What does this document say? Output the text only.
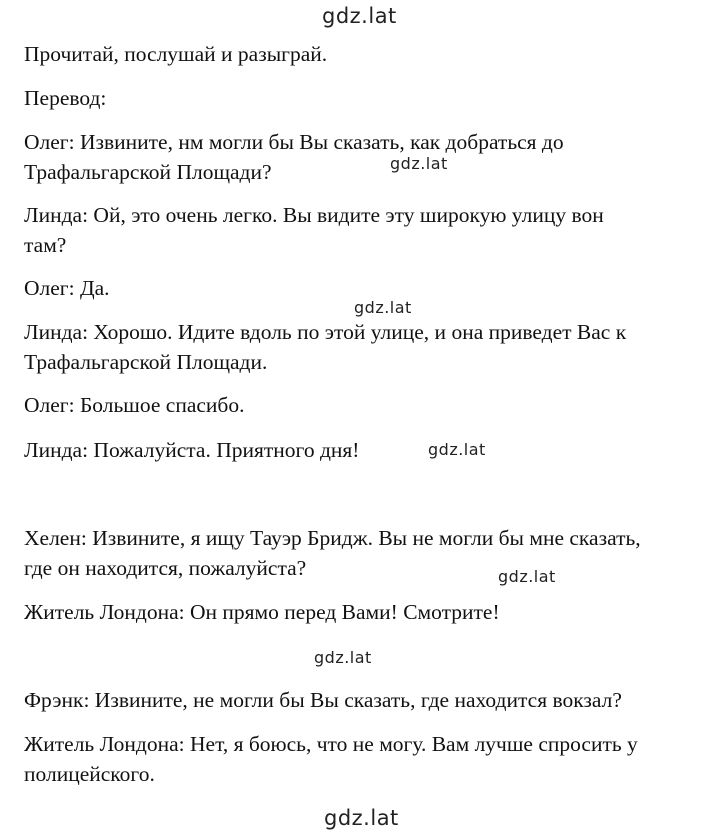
gdz.lat

Прочитай, послушай и разыграй.

Перевод:

Олег: Извините, нм могли бы Вы сказать, как добраться до

Трафальгарской Площади?	gdz.lat

Линда: Ой, это очень легко. Вы видите эту широкую улицу вон

там?

Олег: Да.

gdz.lat

Линда: Хорошо. Идите вдоль по этой улице, и она приведет Вас к

Трафальгарской Площади.

Олег: Большое спасибо.

Линда: Пожалуйста. Приятного дня!	gdz.lat

Хелен: Извините, я ищу Тауэр Бридж. Вы не могли бы мне сказать,

где он находится, пожалуйста?	gdz.lat

Житель Лондона: Он прямо перед Вами! Смотрите!

gdz.lat

Фрэнк: Извините, не могли бы Вы сказать, где находится вокзал?

Житель Лондона: Нет, я боюсь, что не могу. Вам лучше спросить у

полицейского.

gdz.lat
